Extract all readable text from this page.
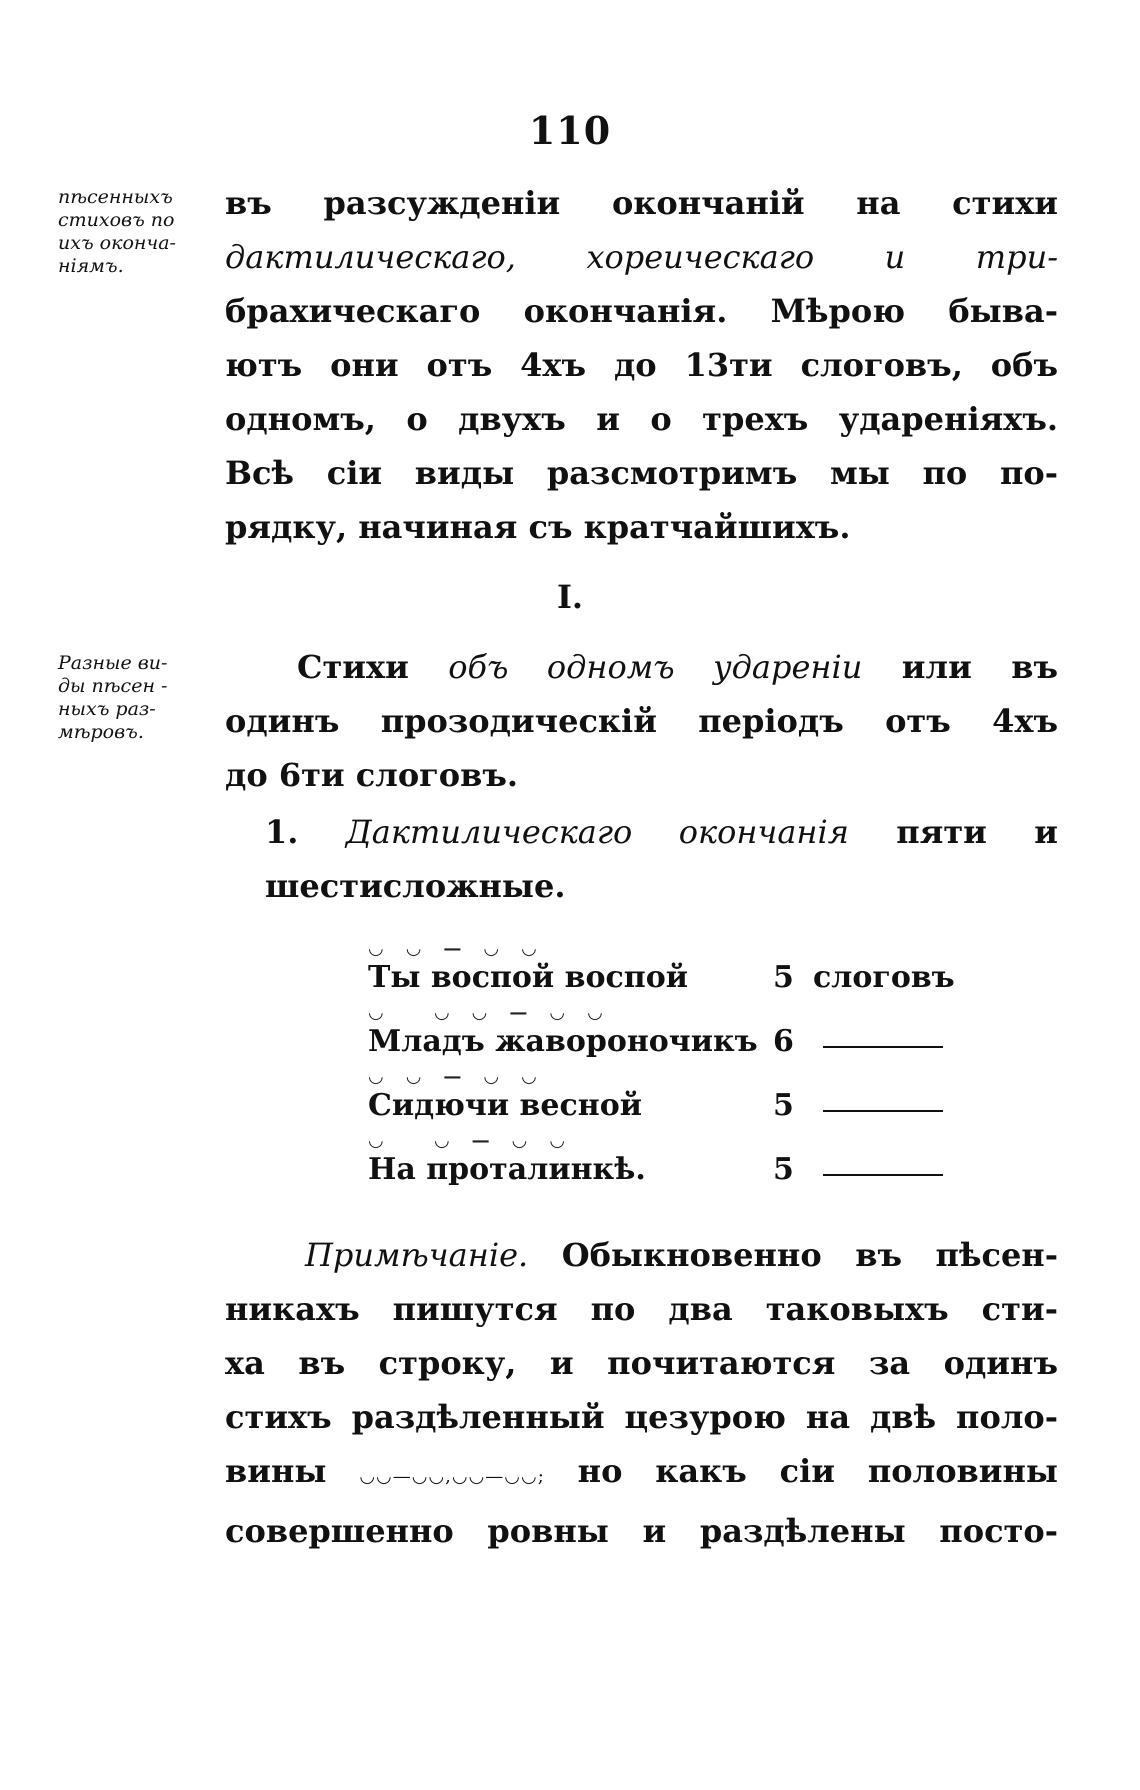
110
пѣсенныхъ
стиховъ по
ихъ оконча-
ніямъ.
въ разсужденіи окончаній на стихи
дактилическаго, хореическаго и три-
брахическаго окончанія. Мѣрою быва-
ютъ они отъ 4хъ до 13ти слоговъ, объ
одномъ, о двухъ и о трехъ удареніяхъ.
Всѣ сіи виды разсмотримъ мы по по-
рядку, начиная съ кратчайшихъ.
I.
Разные ви-
ды пѣсен -
ныхъ раз-
мѣровъ.
Стихи объ одномъ удареніи или въ
одинъ прозодическій періодъ отъ 4хъ
до 6ти слоговъ.
1. Дактилическаго окончанія пяти и
шестисложные.
◡◡—◡◡
Ты воспой воспой	5 слоговъ
◡ ◡◡—◡◡
Младъ жавороночикъ 6
◡◡—◡◡
Сидючи весной	5
◡ ◡—◡◡
На проталинкѣ.	5
Примѣчаніе. Обыкновенно въ пѣсен-
никахъ пишутся по два таковыхъ сти-
ха въ строку, и почитаются за одинъ
стихъ раздѣленный цезурою на двѣ поло-
вины ◡◡—◡◡,◡◡—◡◡; но какъ сіи половины
совершенно ровны и раздѣлены посто-
